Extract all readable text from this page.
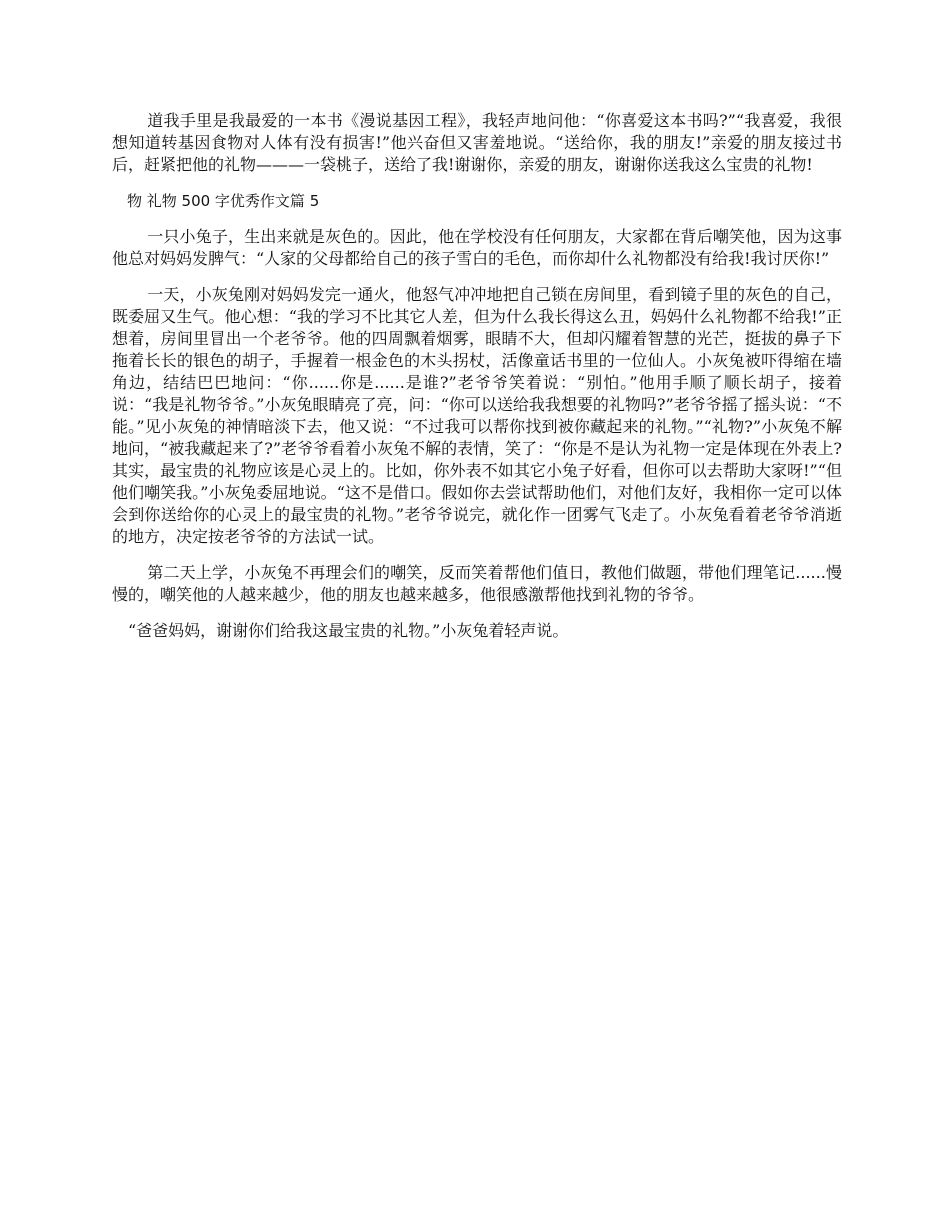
道我手里是我最爱的一本书《漫说基因工程》，我轻声地问他：“你喜爱这本书吗?”“我喜爱，我很想知道转基因食物对人体有没有损害!”他兴奋但又害羞地说。“送给你，我的朋友!”亲爱的朋友接过书后，赶紧把他的礼物———一袋桃子，送给了我!谢谢你，亲爱的朋友，谢谢你送我这么宝贵的礼物!

物 礼物 500 字优秀作文篇 5

一只小兔子，生出来就是灰色的。因此，他在学校没有任何朋友，大家都在背后嘲笑他，因为这事他总对妈妈发脾气：“人家的父母都给自己的孩子雪白的毛色，而你却什么礼物都没有给我!我讨厌你!”

一天，小灰兔刚对妈妈发完一通火，他怒气冲冲地把自己锁在房间里，看到镜子里的灰色的自己，既委屈又生气。他心想：“我的学习不比其它人差，但为什么我长得这么丑，妈妈什么礼物都不给我!”正想着，房间里冒出一个老爷爷。他的四周飘着烟雾，眼睛不大，但却闪耀着智慧的光芒，挺拔的鼻子下拖着长长的银色的胡子，手握着一根金色的木头拐杖，活像童话书里的一位仙人。小灰兔被吓得缩在墙角边，结结巴巴地问：“你......你是......是谁?”老爷爷笑着说：“别怕。”他用手顺了顺长胡子，接着说：“我是礼物爷爷。”小灰兔眼睛亮了亮，问：“你可以送给我我想要的礼物吗?”老爷爷摇了摇头说：“不能。”见小灰兔的神情暗淡下去，他又说：“不过我可以帮你找到被你藏起来的礼物。”“礼物?”小灰兔不解地问，“被我藏起来了?”老爷爷看着小灰兔不解的表情，笑了：“你是不是认为礼物一定是体现在外表上?其实，最宝贵的礼物应该是心灵上的。比如，你外表不如其它小兔子好看，但你可以去帮助大家呀!”“但他们嘲笑我。”小灰兔委屈地说。“这不是借口。假如你去尝试帮助他们，对他们友好，我相你一定可以体会到你送给你的心灵上的最宝贵的礼物。”老爷爷说完，就化作一团雾气飞走了。小灰兔看着老爷爷消逝的地方，决定按老爷爷的方法试一试。

第二天上学，小灰兔不再理会们的嘲笑，反而笑着帮他们值日，教他们做题，带他们理笔记......慢慢的，嘲笑他的人越来越少，他的朋友也越来越多，他很感激帮他找到礼物的爷爷。

“爸爸妈妈，谢谢你们给我这最宝贵的礼物。”小灰兔着轻声说。
